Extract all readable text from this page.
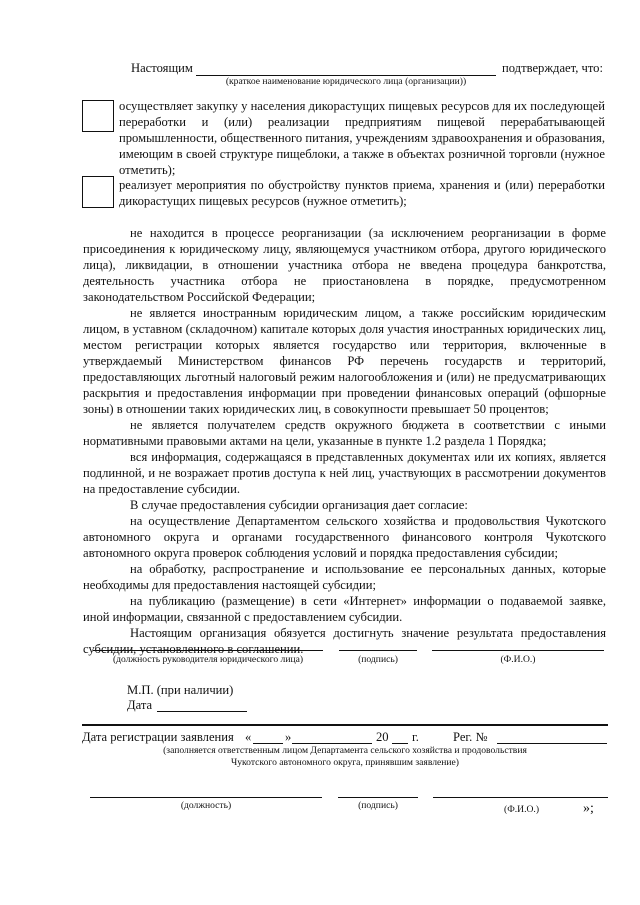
Настоящим	подтверждает, что:
(краткое наименование юридического лица (организации))
осуществляет закупку у населения дикорастущих пищевых ресурсов для их последующей переработки и (или) реализации предприятиям пищевой перерабатывающей промышленности, общественного питания, учреждениям здравоохранения и образования, имеющим в своей структуре пищеблоки, а также в объектах розничной торговли (нужное отметить);
реализует мероприятия по обустройству пунктов приема, хранения и (или) переработки дикорастущих пищевых ресурсов (нужное отметить);

не находится в процессе реорганизации (за исключением реорганизации в форме присоединения к юридическому лицу, являющемуся участником отбора, другого юридического лица), ликвидации, в отношении участника отбора не введена процедура банкротства, деятельность участника отбора не приостановлена в порядке, предусмотренном законодательством Российской Федерации;

не является иностранным юридическим лицом, а также российским юридическим лицом, в уставном (складочном) капитале которых доля участия иностранных юридических лиц, местом регистрации которых является государство или территория, включенные в утверждаемый Министерством финансов РФ перечень государств и территорий, предоставляющих льготный налоговый режим налогообложения и (или) не предусматривающих раскрытия и предоставления информации при проведении финансовых операций (офшорные зоны) в отношении таких юридических лиц, в совокупности превышает 50 процентов;

не является получателем средств окружного бюджета в соответствии с иными нормативными правовыми актами на цели, указанные в пункте 1.2 раздела 1 Порядка;

вся информация, содержащаяся в представленных документах или их копиях, является подлинной, и не возражает против доступа к ней лиц, участвующих в рассмотрении документов на предоставление субсидии.

В случае предоставления субсидии организация дает согласие:

на осуществление Департаментом сельского хозяйства и продовольствия Чукотского автономного округа и органами государственного финансового контроля Чукотского автономного округа проверок соблюдения условий и порядка предоставления субсидии;

на обработку, распространение и использование ее персональных данных, которые необходимы для предоставления настоящей субсидии;

на публикацию (размещение) в сети «Интернет» информации о подаваемой заявке, иной информации, связанной с предоставлением субсидии.

Настоящим организация обязуется достигнуть значение результата предоставления субсидии, установленного в соглашении.

(должность руководителя юридического лица)	(подпись)	(Ф.И.О.)
М.П. (при наличии)
Дата
Дата регистрации заявления «	»	20 г.	Рег. №
(заполняется ответственным лицом Департамента сельского хозяйства и продовольствия
Чукотского автономного округа, принявшим заявление)
(должность)	(подпись)	(Ф.И.О.)	»;
